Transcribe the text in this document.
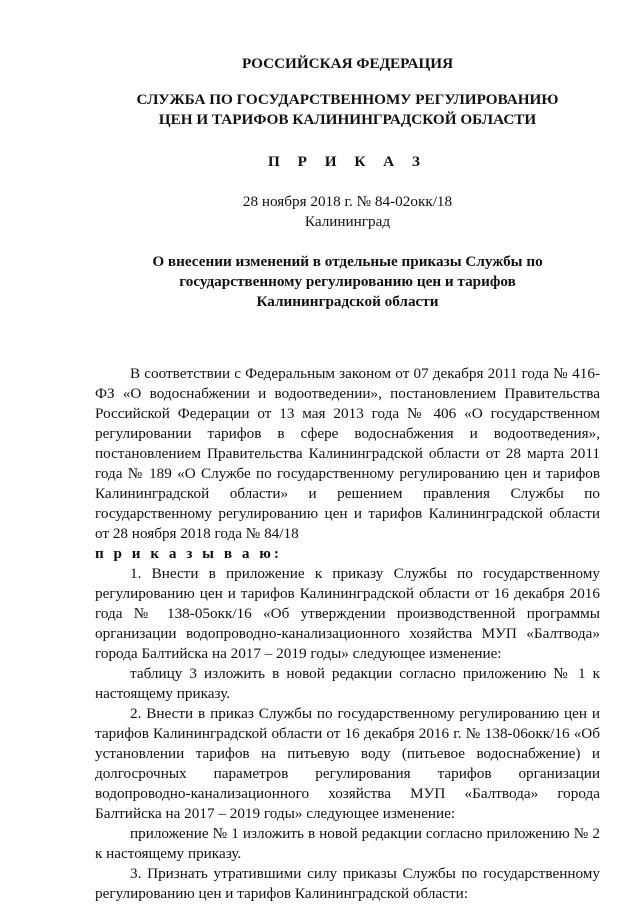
РОССИЙСКАЯ ФЕДЕРАЦИЯ
СЛУЖБА ПО ГОСУДАРСТВЕННОМУ РЕГУЛИРОВАНИЮ
ЦЕН И ТАРИФОВ КАЛИНИНГРАДСКОЙ ОБЛАСТИ
П Р И К А З
28 ноября 2018 г. № 84-02окк/18
Калининград
О внесении изменений в отдельные приказы Службы по
государственному регулированию цен и тарифов
Калининградской области

В соответствии с Федеральным законом от 07 декабря 2011 года № 416-ФЗ «О водоснабжении и водоотведении», постановлением Правительства Российской Федерации от 13 мая 2013 года № 406 «О государственном регулировании тарифов в сфере водоснабжения и водоотведения», постановлением Правительства Калининградской области от 28 марта 2011 года № 189 «О Службе по государственному регулированию цен и тарифов Калининградской области» и решением правления Службы по государственному регулированию цен и тарифов Калининградской области от 28 ноября 2018 года № 84/18

п р и к а з ы в а ю:

1. Внести в приложение к приказу Службы по государственному регулированию цен и тарифов Калининградской области от 16 декабря 2016 года № 138-05окк/16 «Об утверждении производственной программы организации водопроводно-канализационного хозяйства МУП «Балтвода» города Балтийска на 2017 – 2019 годы» следующее изменение:

таблицу 3 изложить в новой редакции согласно приложению № 1 к настоящему приказу.

2. Внести в приказ Службы по государственному регулированию цен и тарифов Калининградской области от 16 декабря 2016 г. № 138-06окк/16 «Об установлении тарифов на питьевую воду (питьевое водоснабжение) и долгосрочных параметров регулирования тарифов организации водопроводно-канализационного хозяйства МУП «Балтвода» города Балтийска на 2017 – 2019 годы» следующее изменение:

приложение № 1 изложить в новой редакции согласно приложению № 2 к настоящему приказу.

3. Признать утратившими силу приказы Службы по государственному регулированию цен и тарифов Калининградской области:
